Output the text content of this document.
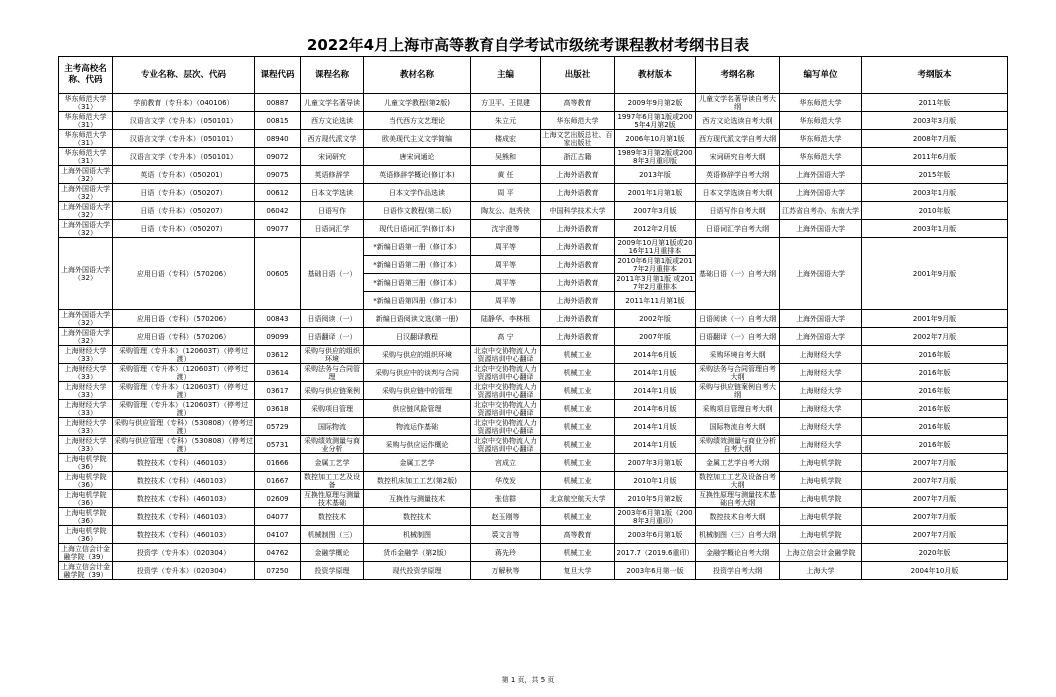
2022年4月上海市高等教育自学考试市级统考课程教材考纲书目表
主考高校名称、代码	专业名称、层次、代码	课程代码	课程名称	教材名称	主编	出版社	教材版本	考纲名称	编写单位	考纲版本
华东师范大学（31）	学前教育（专升本）（040106）	00887	儿童文学名著导读	儿童文学教程(第2版)	方卫平、王昆建	高等教育	2009年9月第2版	儿童文学名著导读自考大纲	华东师范大学	2011年版
华东师范大学（31）	汉语言文学（专升本）（050101）	00815	西方文论选读	当代西方文艺理论	朱立元	华东师范大学	1997年6月第1版或2005年4月第2版	西方文论选读自考大纲	华东师范大学	2003年3月版
华东师范大学（31）	汉语言文学（专升本）（050101）	08940	西方现代派文学	欧美现代主义文学简编	楼成宏	上海文艺出版总社、百家出版社	2006年10月第1版	西方现代派文学自考大纲	华东师范大学	2008年7月版
华东师范大学（31）	汉语言文学（专升本）（050101）	09072	宋词研究	唐宋词通论	吴熊和	浙江古籍	1989年3月第2版或2008年3月重印版	宋词研究自考大纲	华东师范大学	2011年6月版
上海外国语大学（32）	英语（专升本）（050201）	09075	英语修辞学	英语修辞学概论(修订本)	黄 任	上海外语教育	2013年版	英语修辞学自考大纲	上海外国语大学	2015年版
上海外国语大学（32）	日语（专升本）（050207）	00612	日本文学选读	日本文学作品选读	周 平	上海外语教育	2001年1月第1版	日本文学选读自考大纲	上海外国语大学	2003年1月版
上海外国语大学（32）	日语（专升本）（050207）	06042	日语写作	日语作文教程(第二版)	陶友公、赵秀侠	中国科学技术大学	2007年3月版	日语写作自考大纲	江苏省自考办、东南大学	2010年版
上海外国语大学（32）	日语（专升本）（050207）	09077	日语词汇学	现代日语词汇学(修订本)	沈宇澄等	上海外语教育	2012年2月版	日语词汇学自考大纲	上海外国语大学	2003年1月版
上海外国语大学（32）	应用日语（专科）（570206）	00605	基础日语（一）	*新编日语第一册（修订本）	周平等	上海外语教育	2009年10月第1版或2016年11月重排本	基础日语（一）自考大纲	上海外国语大学	2001年9月版
				*新编日语第二册（修订本）	周平等	上海外语教育	2010年6月第1版或2017年2月重排本			
				*新编日语第三册（修订本）	周平等	上海外语教育	2011年3月第1版 或2017年2月重排本			
				*新编日语第四册（修订本）	周平等	上海外语教育	2011年11月第1版			
上海外国语大学（32）	应用日语（专科）（570206）	00843	日语阅读（一）	新编日语阅读文选(第一册)	陆静华、李林根	上海外语教育	2002年版	日语阅读（一）自考大纲	上海外国语大学	2001年9月版
上海外国语大学（32）	应用日语（专科）（570206）	09099	日语翻译（一）	日汉翻译教程	高 宁	上海外语教育	2007年版	日语翻译（一）自考大纲	上海外国语大学	2002年7月版
上海财经大学（33）	采购管理（专升本）（120603T）（停考过渡）	03612	采购与供应的组织环境	采购与供应的组织环境	北京中交协物流人力资源培训中心翻译	机械工业	2014年6月版	采购环境自考大纲	上海财经大学	2016年版
上海财经大学（33）	采购管理（专升本）（120603T）（停考过渡）	03614	采购法务与合同管理	采购与供应中的谈判与合同	北京中交协物流人力资源培训中心翻译	机械工业	2014年1月版	采购法务与合同管理自考大纲	上海财经大学	2016年版
上海财经大学（33）	采购管理（专升本）（120603T）（停考过渡）	03617	采购与供应链案例	采购与供应链中的管理	北京中交协物流人力资源培训中心翻译	机械工业	2014年1月版	采购与供应链案例自考大纲	上海财经大学	2016年版
上海财经大学（33）	采购管理（专升本）（120603T）（停考过渡）	03618	采购项目管理	供应链风险管理	北京中交协物流人力资源培训中心翻译	机械工业	2014年6月版	采购项目管理自考大纲	上海财经大学	2016年版
上海财经大学（33）	采购与供应管理（专科）（530808）（停考过渡）	05729	国际物流	物流运作基础	北京中交协物流人力资源培训中心翻译	机械工业	2014年1月版	国际物流自考大纲	上海财经大学	2016年版
上海财经大学（33）	采购与供应管理（专科）（530808）（停考过渡）	05731	采购绩效测量与商业分析	采购与供应运作概论	北京中交协物流人力资源培训中心翻译	机械工业	2014年1月版	采购绩效测量与商业分析自考大纲	上海财经大学	2016年版
上海电机学院（36）	数控技术（专科）（460103）	01666	金属工艺学	金属工艺学	宫成立	机械工业	2007年3月第1版	金属工艺学自考大纲	上海电机学院	2007年7月版
上海电机学院（36）	数控技术（专科）（460103）	01667	数控加工工艺及设备	数控机床加工工艺(第2版)	华茂发	机械工业	2010年1月版	数控加工工艺及设备自考大纲	上海电机学院	2007年7月版
上海电机学院（36）	数控技术（专科）（460103）	02609	互换性原理与测量技术基础	互换性与测量技术	张信群	北京航空航天大学	2010年5月第2版	互换性原理与测量技术基础自考大纲	上海电机学院	2007年7月版
上海电机学院（36）	数控技术（专科）（460103）	04077	数控技术	数控技术	赵玉刚等	机械工业	2003年6月第1版（2008年3月重印）	数控技术自考大纲	上海电机学院	2007年7月版
上海电机学院（36）	数控技术（专科）（460103）	04107	机械制图（三）	机械制图	裘文言等	高等教育	2003年6月第1版	机械制图（三）自考大纲	上海电机学院	2007年7月版
上海立信会计金融学院（39）	投资学（专升本）（020304）	04762	金融学概论	货币金融学（第2版）	蒋先玲	机械工业	2017.7（2019.6重印）	金融学概论自考大纲	上海立信会计金融学院	2020年版
上海立信会计金融学院（39）	投资学（专升本）（020304）	07250	投资学原理	现代投资学原理	万解秋等	复旦大学	2003年6月第一版	投资学自考大纲	上海大学	2004年10月版
第 1 页，共 5 页
